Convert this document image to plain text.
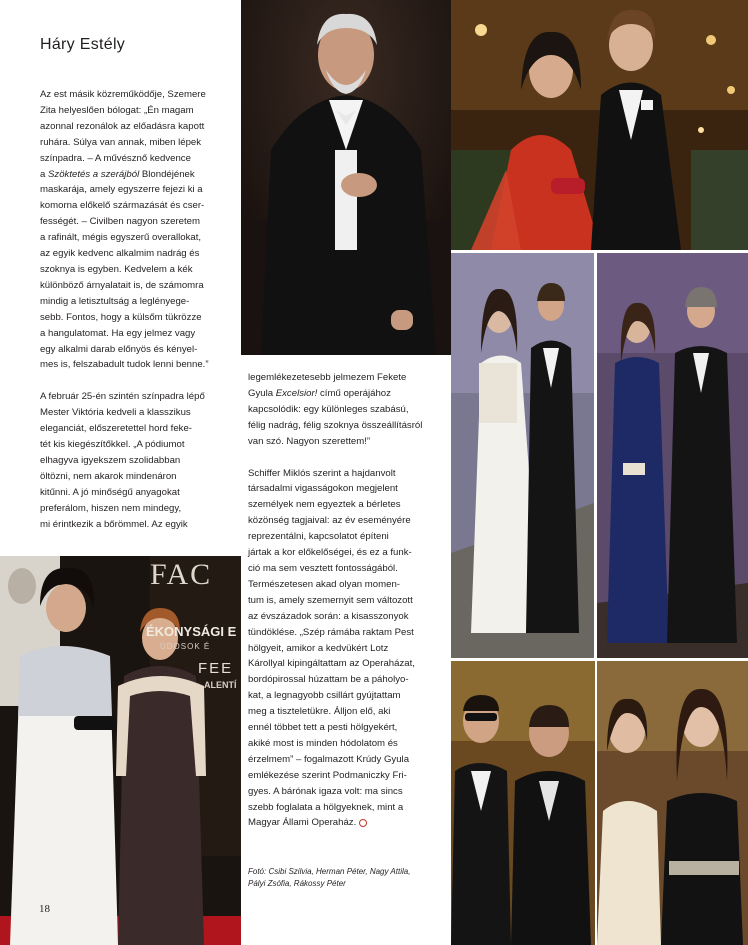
FAC
ÉKONYSÁGI E
ÚDOSOK É
FEE
ALENTÍ
Háry Estély
Az est másik közreműködője, Szemere
Zita helyeslően bólogat: „Én magam
azonnal rezonálok az előadásra kapott
ruhára. Súlya van annak, miben lépek
színpadra. – A művésznő kedvence
a Szöktetés a szerájból Blondéjének
maskarája, amely egyszerre fejezi ki a
komorna előkelő származását és cser-
fességét. – Civilben nagyon szeretem
a rafinált, mégis egyszerű overallokat,
az egyik kedvenc alkalmim nadrág és
szoknya is egyben. Kedvelem a kék
különböző árnyalatait is, de számomra
mindig a letisztultság a leglényege-
sebb. Fontos, hogy a külsőm tükrözze
a hangulatomat. Ha egy jelmez vagy
egy alkalmi darab előnyös és kényel-
mes is, felszabadult tudok lenni benne.”
A február 25-én szintén színpadra lépő
Mester Viktória kedveli a klasszikus
eleganciát, előszeretettel hord feke-
tét kis kiegészítőkkel. „A pódiumot
elhagyva igyekszem szolidabban
öltözni, nem akarok mindenáron
kitűnni. A jó minőségű anyagokat
preferálom, hiszen nem mindegy,
mi érintkezik a bőrömmel. Az egyik
legemlékezetesebb jelmezem Fekete
Gyula Excelsior! című operájához
kapcsolódik: egy különleges szabású,
félig nadrág, félig szoknya összeállításról
van szó. Nagyon szerettem!”
Schiffer Miklós szerint a hajdanvolt
társadalmi vigasságokon megjelent
személyek nem egyeztek a bérletes
közönség tagjaival: az év eseményére
reprezentálni, kapcsolatot építeni
jártak a kor előkelőségei, és ez a funk-
ció ma sem vesztett fontosságából.
Természetesen akad olyan momen-
tum is, amely szemernyit sem változott
az évszázadok során: a kisasszonyok
tündöklése. „Szép rámába raktam Pest
hölgyeit, amikor a kedvükért Lotz
Károllyal kipingáltattam az Operaházat,
bordópirossal húzattam be a páholyo-
kat, a legnagyobb csillárt gyújtattam
meg a tiszteletükre. Álljon elő, aki
ennél többet tett a pesti hölgyekért,
akiké most is minden hódolatom és
érzelmem” – fogalmazott Krúdy Gyula
emlékezése szerint Podmaniczky Fri-
gyes. A bárónak igaza volt: ma sincs
szebb foglalata a hölgyeknek, mint a
Magyar Állami Operaház.
Fotó: Csibi Szilvia, Herman Péter, Nagy Attila,
Pályi Zsófia, Rákossy Péter
18
